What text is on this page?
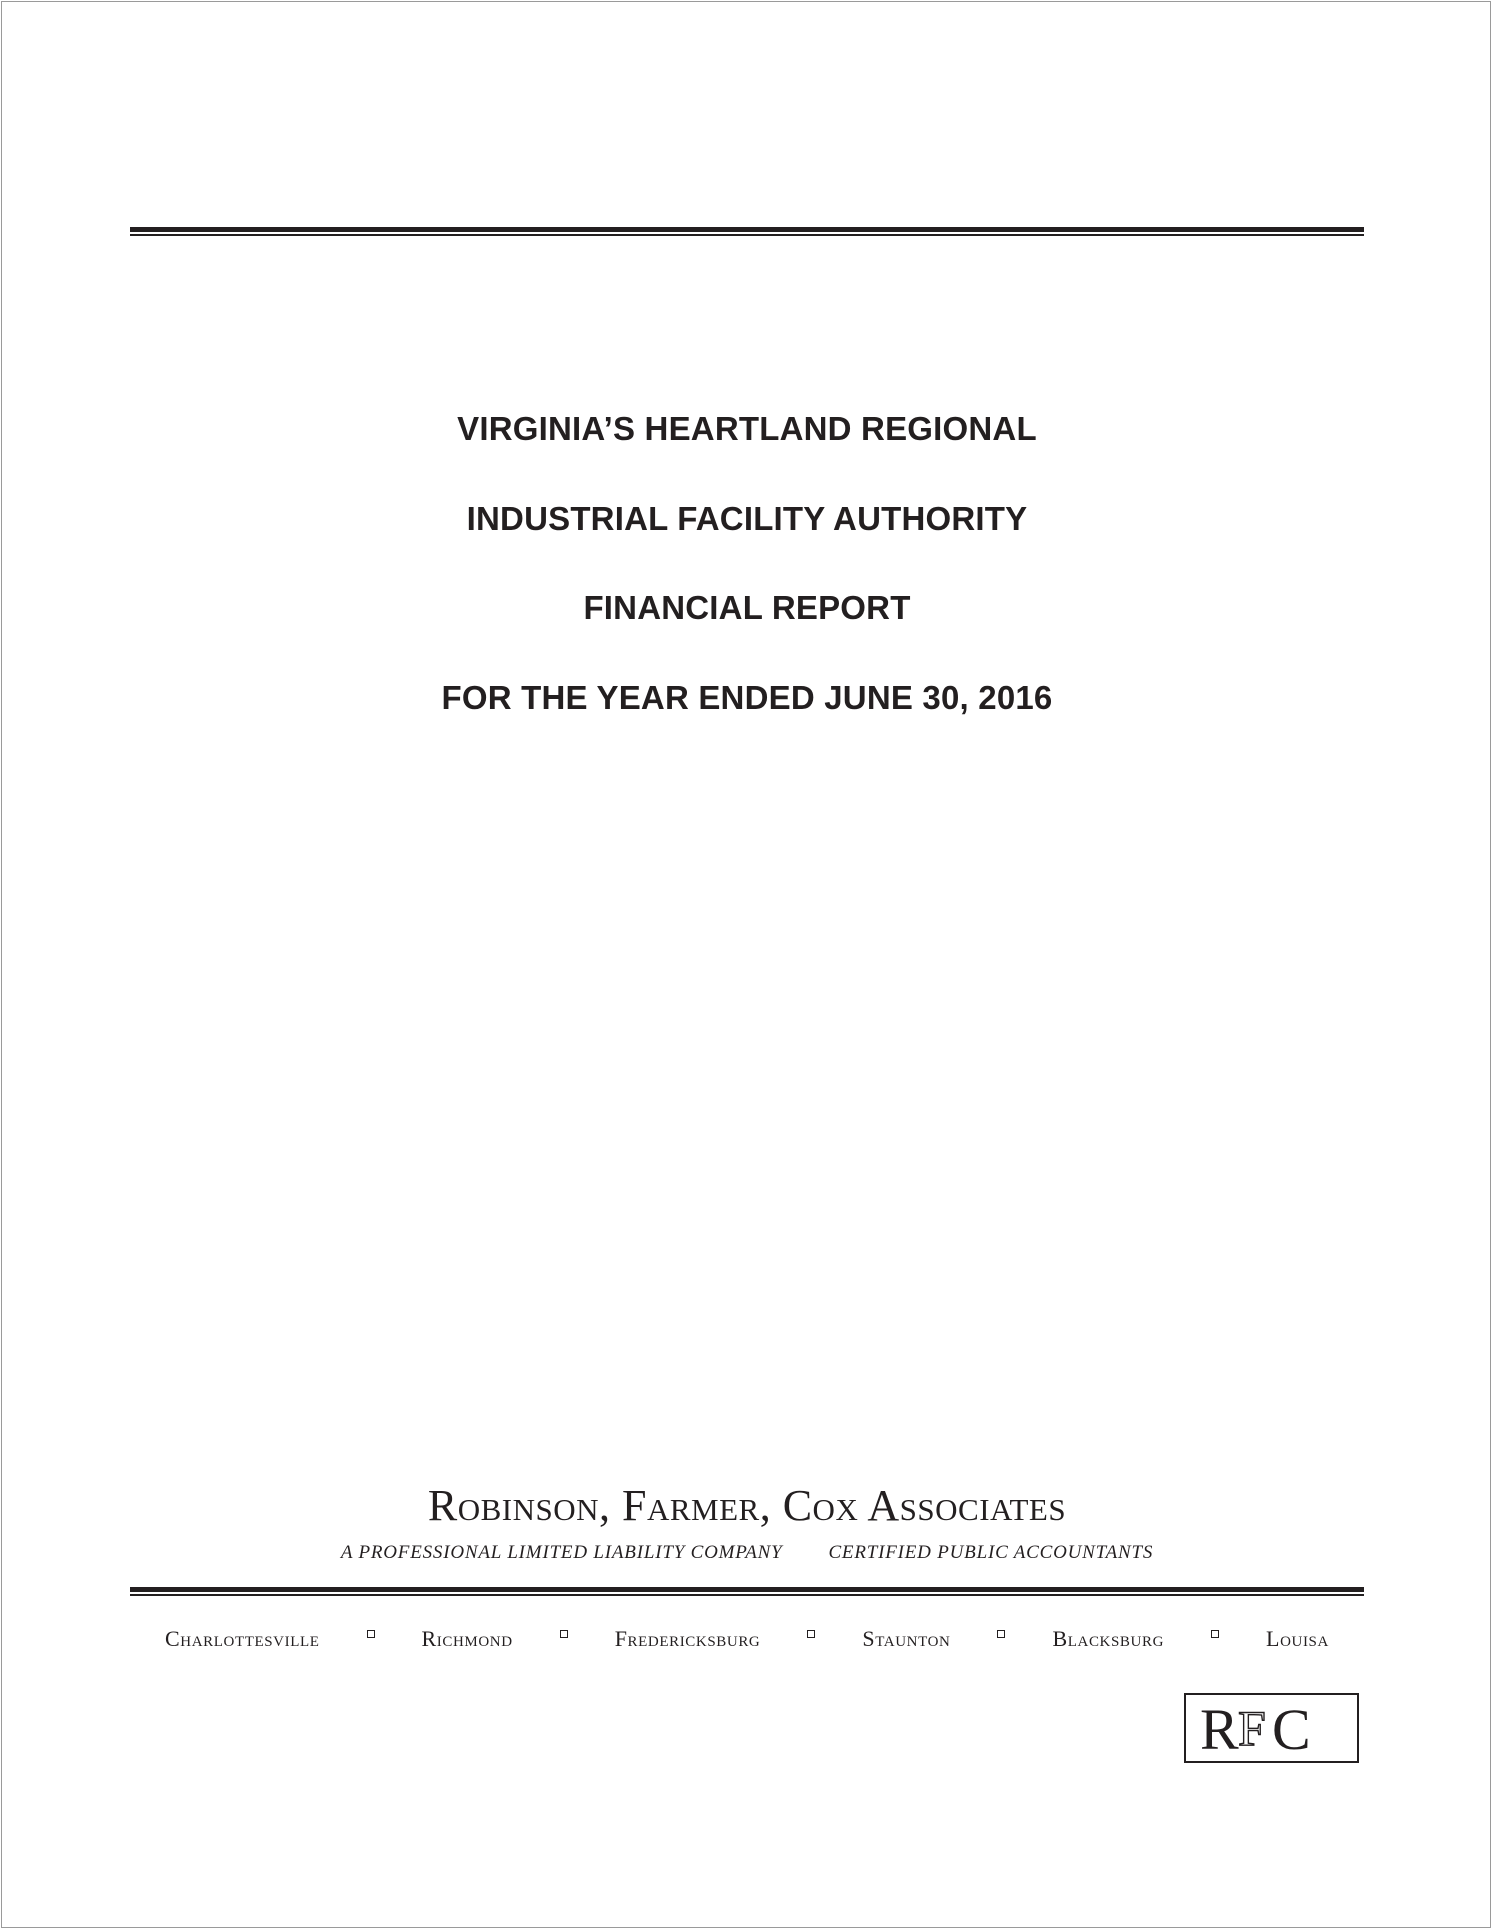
VIRGINIA’S HEARTLAND REGIONAL
INDUSTRIAL FACILITY AUTHORITY
FINANCIAL REPORT
FOR THE YEAR ENDED JUNE 30, 2016
Robinson, Farmer, Cox Associates
A PROFESSIONAL LIMITED LIABILITY COMPANY CERTIFIED PUBLIC ACCOUNTANTS
Charlottesville	Richmond	Fredericksburg	Staunton	Blacksburg	Louisa
R F C
